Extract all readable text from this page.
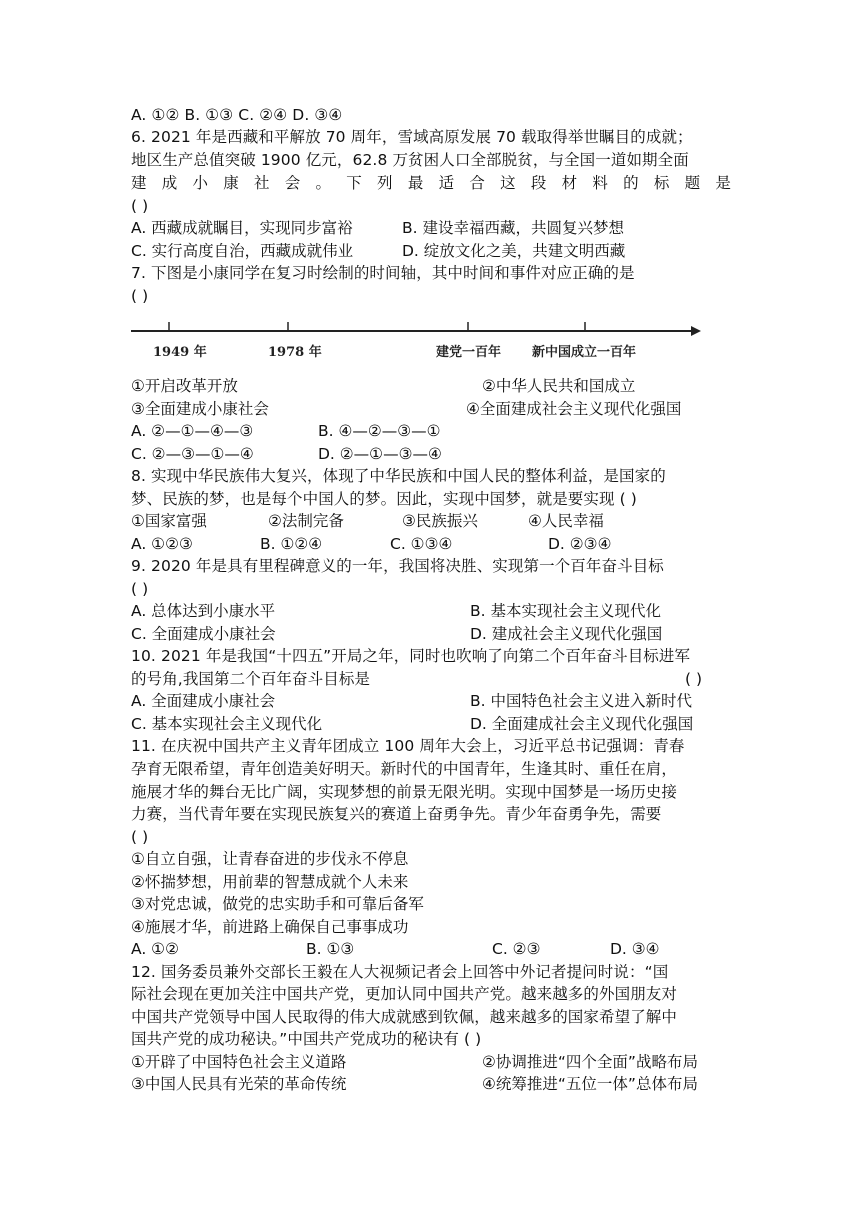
A. ①② B. ①③ C. ②④ D. ③④
6. 2021 年是西藏和平解放 70 周年，雪域高原发展 70 载取得举世瞩目的成就；
地区生产总值突破 1900 亿元，62.8 万贫困人口全部脱贫，与全国一道如期全面
建成小康社会。下列最适合这段材料的标题是
( )
A. 西藏成就瞩目，实现同步富裕	B. 建设幸福西藏，共圆复兴梦想
C. 实行高度自治，西藏成就伟业	D. 绽放文化之美，共建文明西藏
7. 下图是小康同学在复习时绘制的时间轴，其中时间和事件对应正确的是
( )
1949 年	1978 年	建党一百年 新中国成立一百年
①开启改革开放	②中华人民共和国成立
③全面建成小康社会	④全面建成社会主义现代化强国
A. ②—①—④—③	B. ④—②—③—①
C. ②—③—①—④	D. ②—①—③—④
8. 实现中华民族伟大复兴，体现了中华民族和中国人民的整体利益，是国家的
梦、民族的梦，也是每个中国人的梦。因此，实现中国梦，就是要实现 ( )
①国家富强	②法制完备	③民族振兴	④人民幸福
A. ①②③	B. ①②④	C. ①③④	D. ②③④
9. 2020 年是具有里程碑意义的一年，我国将决胜、实现第一个百年奋斗目标
( )
A. 总体达到小康水平	B. 基本实现社会主义现代化
C. 全面建成小康社会	D. 建成社会主义现代化强国
10. 2021 年是我国“十四五”开局之年，同时也吹响了向第二个百年奋斗目标进军
的号角,我国第二个百年奋斗目标是	( )
A. 全面建成小康社会	B. 中国特色社会主义进入新时代
C. 基本实现社会主义现代化	D. 全面建成社会主义现代化强国
11. 在庆祝中国共产主义青年团成立 100 周年大会上，习近平总书记强调：青春
孕育无限希望，青年创造美好明天。新时代的中国青年，生逢其时、重任在肩，
施展才华的舞台无比广阔，实现梦想的前景无限光明。实现中国梦是一场历史接
力赛，当代青年要在实现民族复兴的赛道上奋勇争先。青少年奋勇争先，需要
( )
①自立自强，让青春奋进的步伐永不停息
②怀揣梦想，用前辈的智慧成就个人未来
③对党忠诚，做党的忠实助手和可靠后备军
④施展才华，前进路上确保自己事事成功
A. ①②	B. ①③	C. ②③	D. ③④
12. 国务委员兼外交部长王毅在人大视频记者会上回答中外记者提问时说：“国
际社会现在更加关注中国共产党，更加认同中国共产党。越来越多的外国朋友对
中国共产党领导中国人民取得的伟大成就感到钦佩，越来越多的国家希望了解中
国共产党的成功秘诀。”中国共产党成功的秘诀有 ( )
①开辟了中国特色社会主义道路	②协调推进“四个全面”战略布局
③中国人民具有光荣的革命传统	④统筹推进“五位一体”总体布局
